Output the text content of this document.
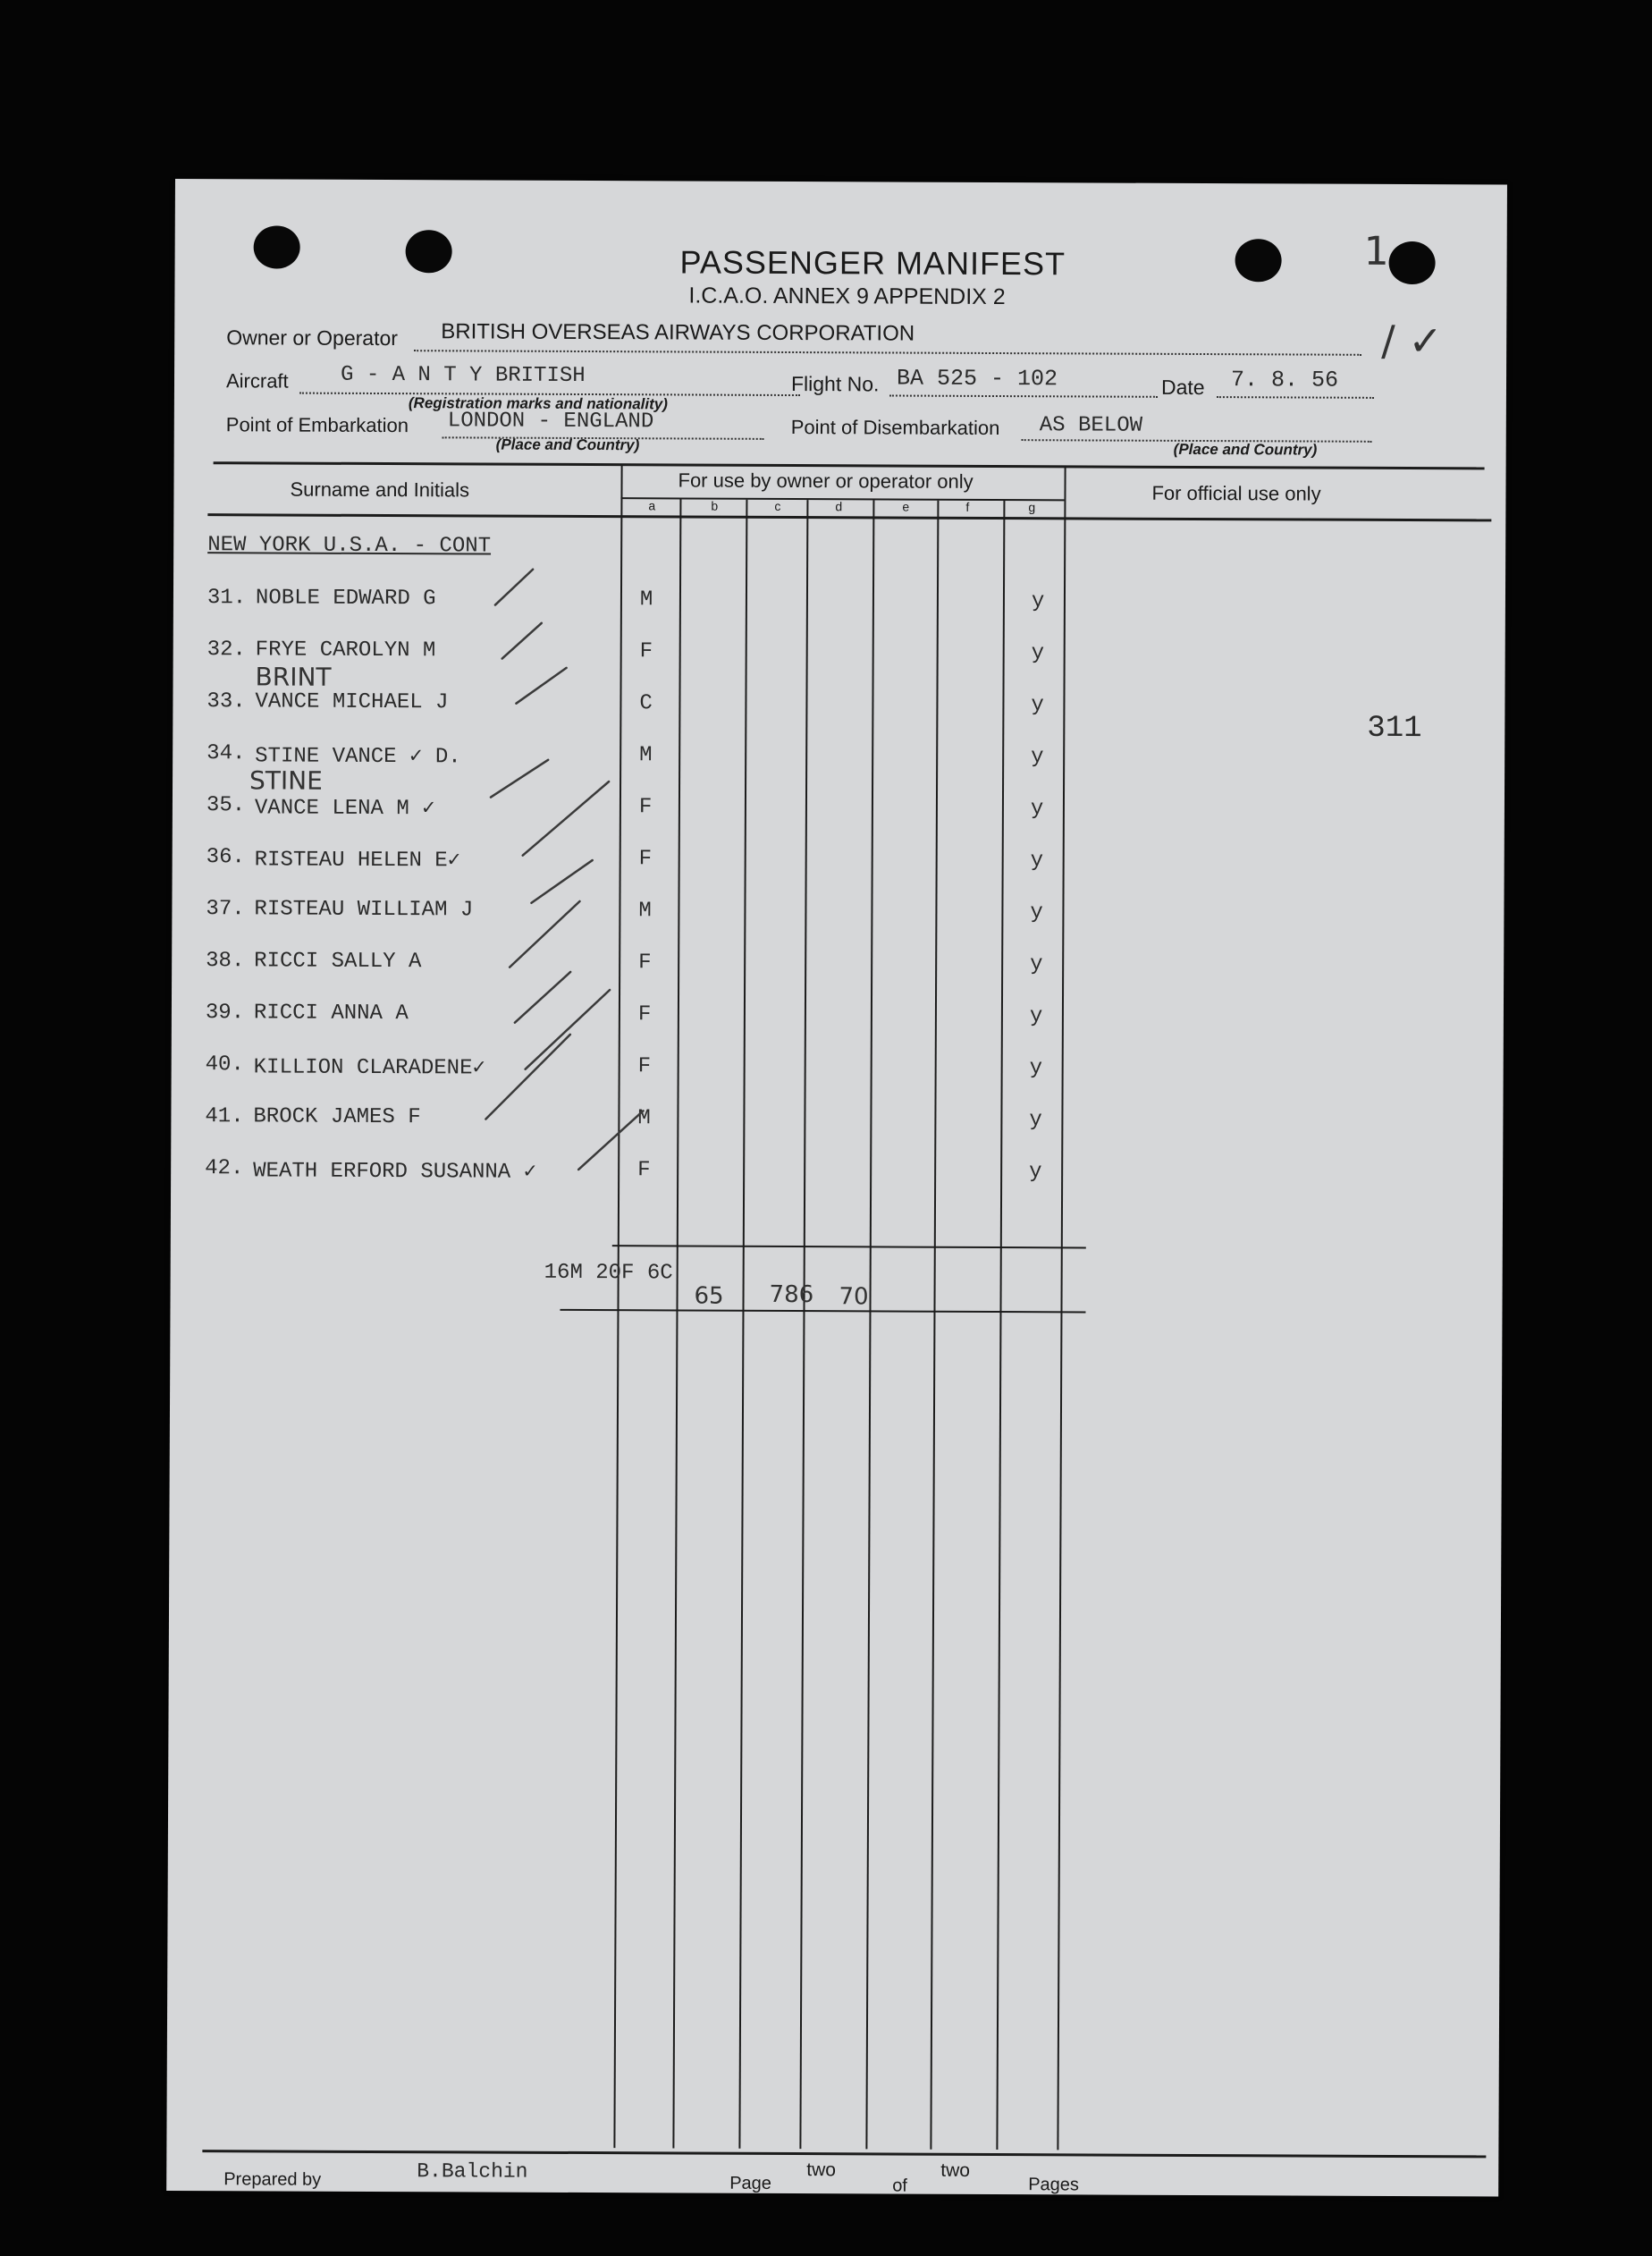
1
/ ✓
PASSENGER MANIFEST
I.C.A.O. ANNEX 9 APPENDIX 2
Owner or Operator BRITISH OVERSEAS AIRWAYS CORPORATION
Aircraft G - A N T Y BRITISH
(Registration marks and nationality)
Flight No. BA 525 - 102	Date 7. 8. 56
Point of Embarkation LONDON - ENGLAND
(Place and Country)
Point of Disembarkation AS BELOW
(Place and Country)
Surname and Initials	For use by owner or operator only
For official use only
a	b	c	d	e	f	g
NEW YORK U.S.A. - CONT
31. NOBLE EDWARD G	M	y
32. FRYE CAROLYN M	F	y
BRINT
33. VANCE MICHAEL J	C	y
34. STINE VANCE ✓ D.	M	y
STINE
35. VANCE LENA M ✓	F	y
36. RISTEAU HELEN E✓	F	y
37. RISTEAU WILLIAM J	M	y
38. RICCI SALLY A	F	y
39. RICCI ANNA A	F	y
40. KILLION CLARADENE✓	F	y
41. BROCK JAMES F	M	y
42. WEATH ERFORD SUSANNA ✓	F	y
311
16M 20F 6C
65 786 70
Prepared by	B.Balchin
Page
two
of
two
Pages
